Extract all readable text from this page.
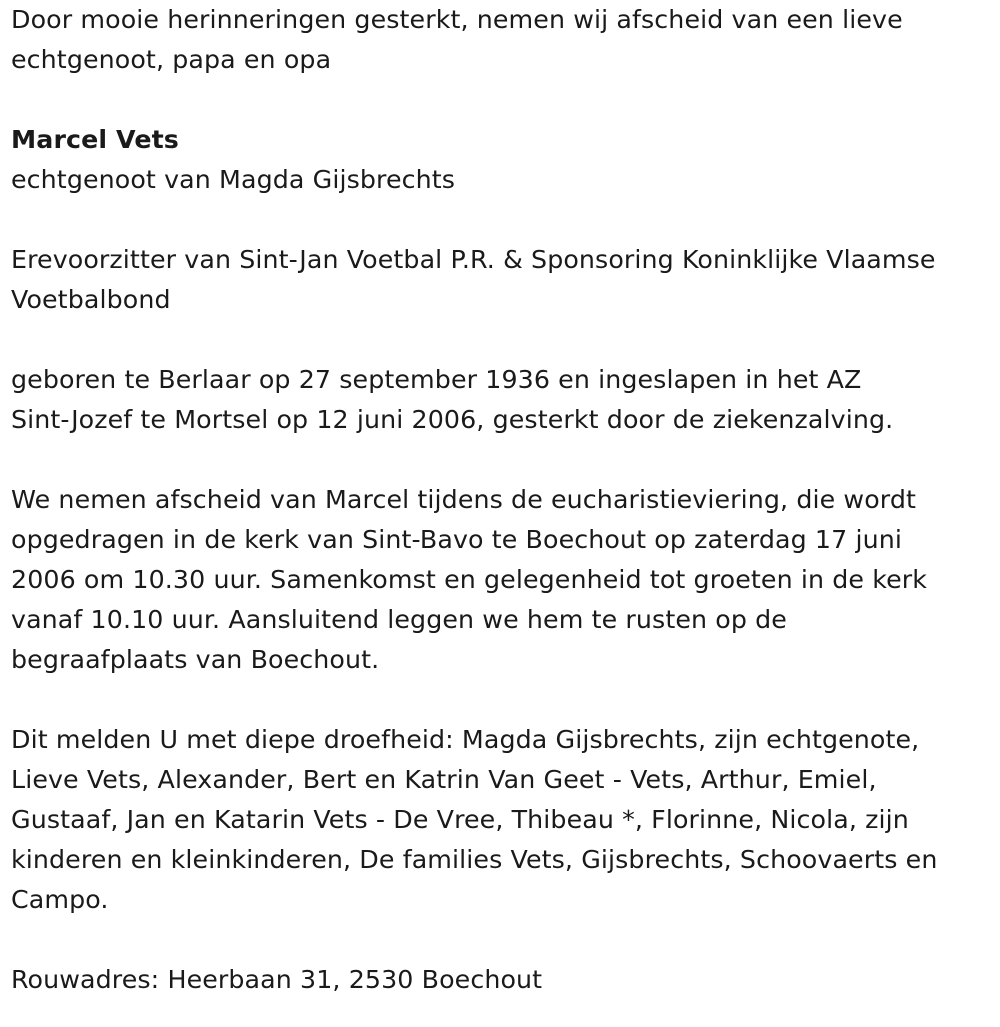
Door mooie herinneringen gesterkt, nemen wij afscheid van een lieve
echtgenoot, papa en opa
Marcel Vets
echtgenoot van Magda Gijsbrechts
Erevoorzitter van Sint-Jan Voetbal P.R. & Sponsoring Koninklijke Vlaamse
Voetbalbond
geboren te Berlaar op 27 september 1936 en ingeslapen in het AZ
Sint-Jozef te Mortsel op 12 juni 2006, gesterkt door de ziekenzalving.
We nemen afscheid van Marcel tijdens de eucharistieviering, die wordt
opgedragen in de kerk van Sint-Bavo te Boechout op zaterdag 17 juni
2006 om 10.30 uur. Samenkomst en gelegenheid tot groeten in de kerk
vanaf 10.10 uur. Aansluitend leggen we hem te rusten op de
begraafplaats van Boechout.
Dit melden U met diepe droefheid: Magda Gijsbrechts, zijn echtgenote,
Lieve Vets, Alexander, Bert en Katrin Van Geet - Vets, Arthur, Emiel,
Gustaaf, Jan en Katarin Vets - De Vree, Thibeau *, Florinne, Nicola, zijn
kinderen en kleinkinderen, De families Vets, Gijsbrechts, Schoovaerts en
Campo.
Rouwadres: Heerbaan 31, 2530 Boechout
